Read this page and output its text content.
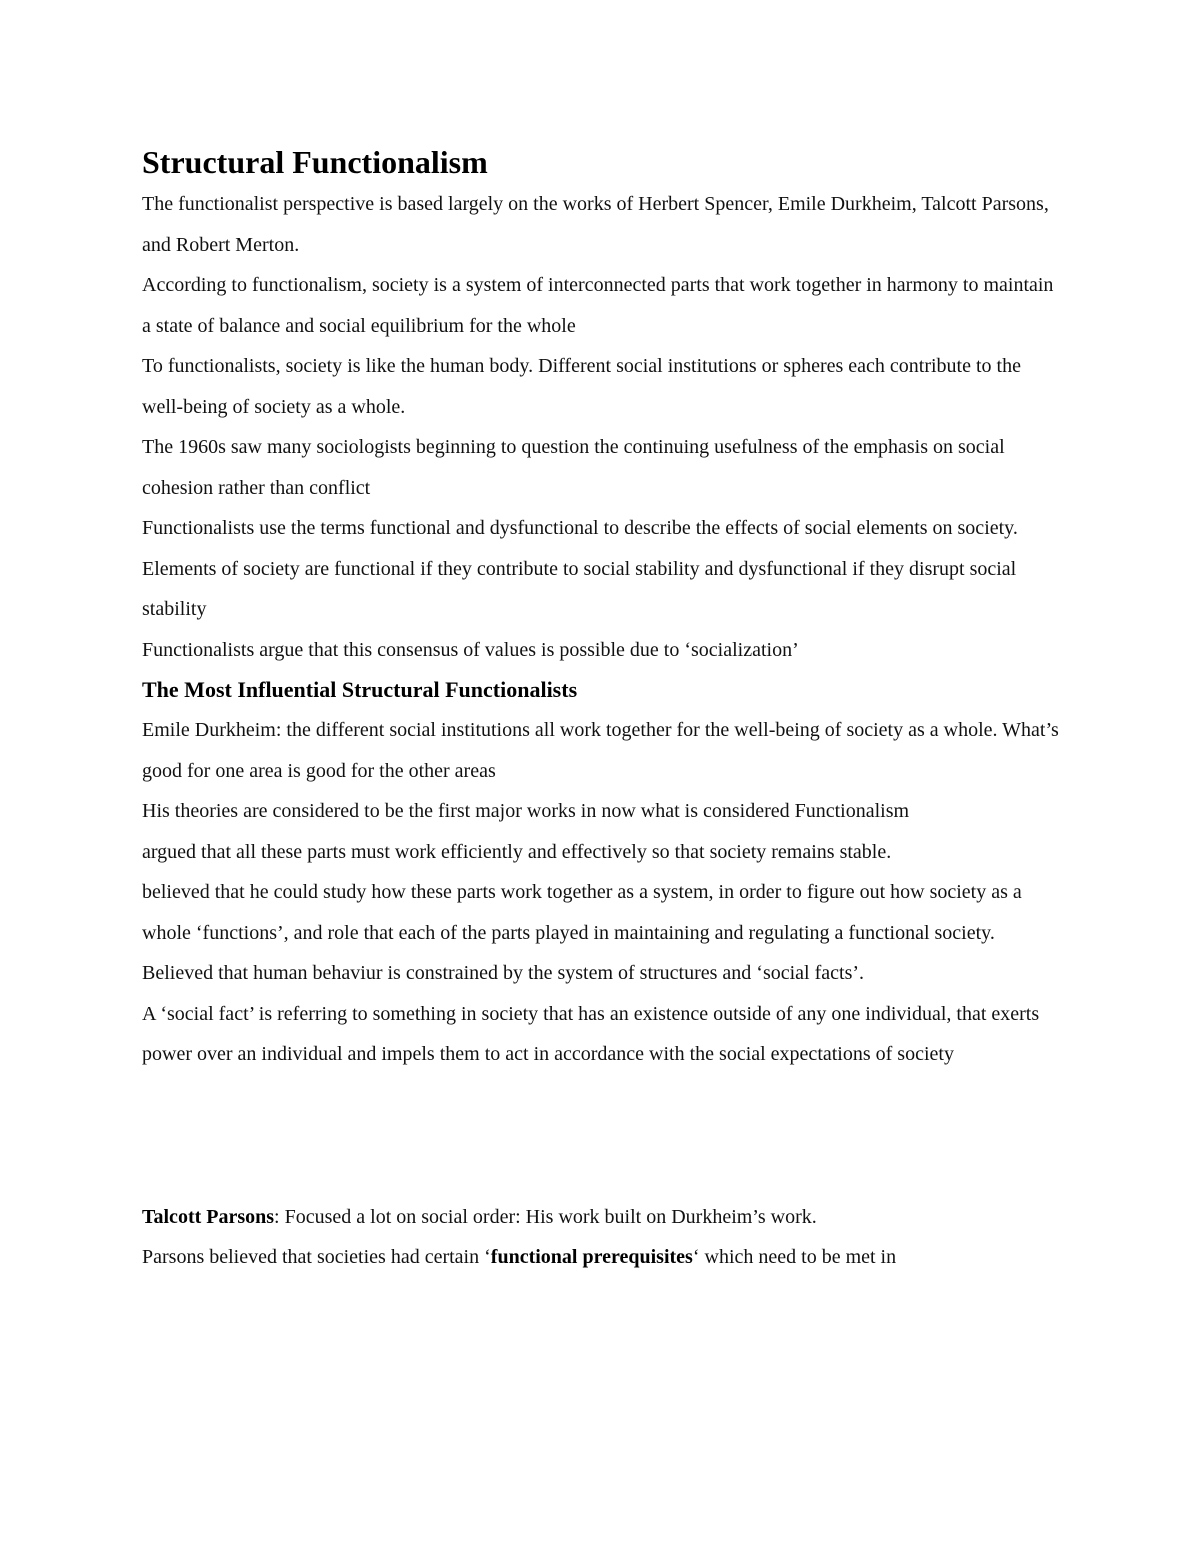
Structural Functionalism

The functionalist perspective is based largely on the works of Herbert Spencer, Emile Durkheim, Talcott Parsons, and Robert Merton.

According to functionalism, society is a system of interconnected parts that work together in harmony to maintain a state of balance and social equilibrium for the whole

To functionalists, society is like the human body. Different social institutions or spheres each contribute to the well-being of society as a whole.

The 1960s saw many sociologists beginning to question the continuing usefulness of the emphasis on social cohesion rather than conflict

Functionalists use the terms functional and dysfunctional to describe the effects of social elements on society.

Elements of society are functional if they contribute to social stability and dysfunctional if they disrupt social stability

Functionalists argue that this consensus of values is possible due to ‘socialization’

The Most Influential Structural Functionalists

Emile Durkheim: the different social institutions all work together for the well-being of society as a whole. What’s good for one area is good for the other areas

His theories are considered to be the first major works in now what is considered Functionalism

argued that all these parts must work efficiently and effectively so that society remains stable.

believed that he could study how these parts work together as a system, in order to figure out how society as a whole ‘functions’, and role that each of the parts played in maintaining and regulating a functional society.

Believed that human behaviur is constrained by the system of structures and ‘social facts’.

A ‘social fact’ is referring to something in society that has an existence outside of any one individual, that exerts power over an individual and impels them to act in accordance with the social expectations of society

Talcott Parsons: Focused a lot on social order: His work built on Durkheim’s work.

Parsons believed that societies had certain ‘functional prerequisites‘ which need to be met in
